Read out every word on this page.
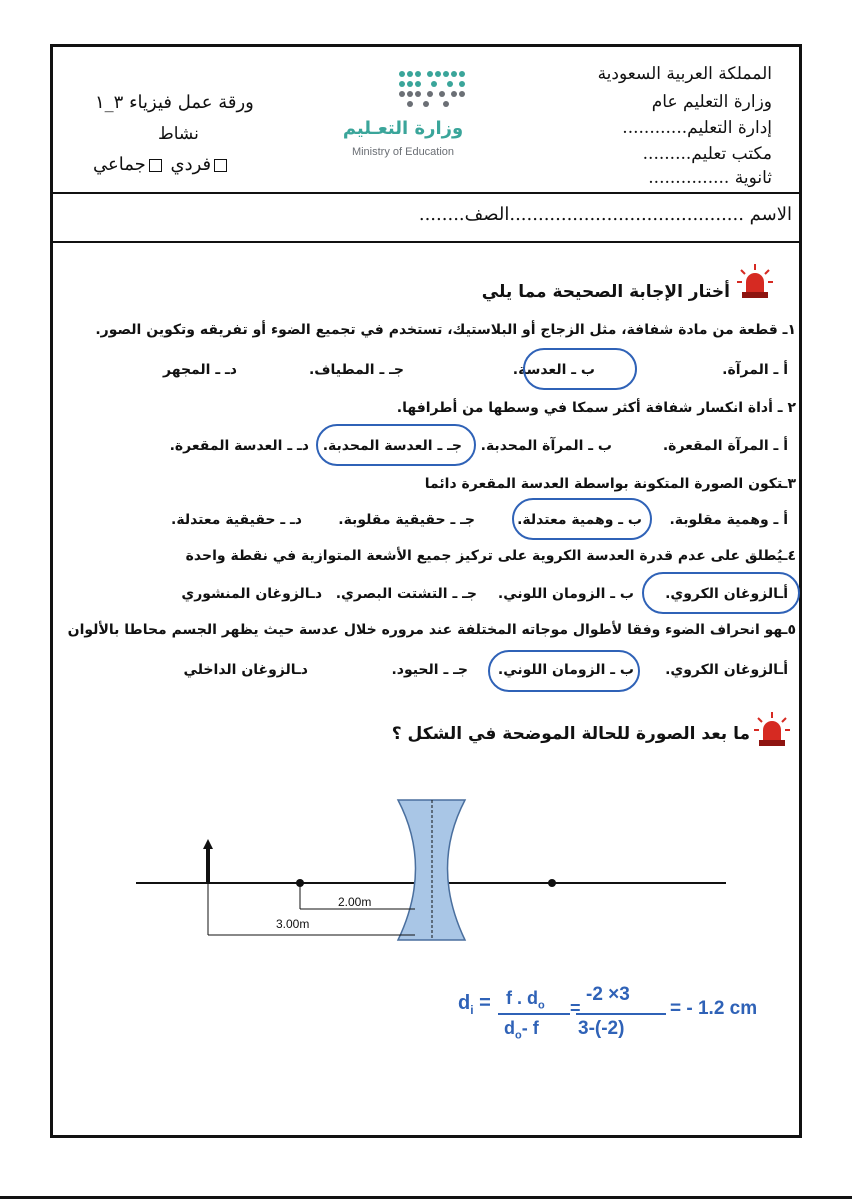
المملكة العربية السعودية
وزارة التعليم عام
إدارة التعليم............
مكتب تعليم.........
ثانوية ...............
وزارة التعـليم
Ministry of Education
ورقة عمل فيزياء ٣_١
نشاط
فردي جماعي
الاسم .........................................الصف........
أختار الإجابة الصحيحة مما يلي
١ـ قطعة من مادة شفافة، مثل الزجاج أو البلاستيك، تستخدم في تجميع الضوء أو تفريقه وتكوين الصور.
أ ـ المرآة.
ب ـ العدسة.
جـ ـ المطياف.
دـ ـ المجهر
٢ ـ أداة انكسار شفافة أكثر سمكا في وسطها من أطرافها.
أ ـ المرآة المقعرة.
ب ـ المرآة المحدبة.
جـ ـ العدسة المحدبة.
دـ ـ العدسة المقعرة.
٣ـتكون الصورة المتكونة بواسطة العدسة المقعرة دائما
أ ـ وهمية مقلوبة.
ب ـ وهمية معتدلة.
جـ ـ حقيقية مقلوبة.
دـ ـ حقيقية معتدلة.
٤ـيُطلق على عدم قدرة العدسة الكروية على تركيز جميع الأشعة المتوازية في نقطة واحدة
أـالزوغان الكروي.
ب ـ الزومان اللوني.
جـ ـ التشتت البصري.
دـالزوغان المنشوري
٥ـهو انحراف الضوء وفقا لأطوال موجاته المختلفة عند مروره خلال عدسة حيث يظهر الجسم محاطا بالألوان
أـالزوغان الكروي.
ب ـ الزومان اللوني.
جـ ـ الحيود.
دـالزوغان الداخلي
ما بعد الصورة للحالة الموضحة في الشكل ؟
2.00m
3.00m
$d_i = f$ . $d_o$
$d_o-$ f
=
-2 ×3
3-(-2)
= - 1.2 cm
